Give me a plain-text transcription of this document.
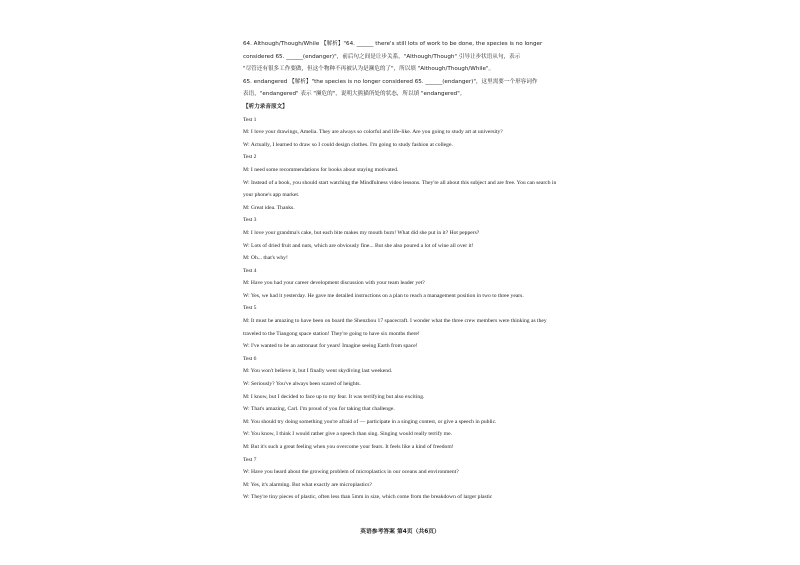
64. Although/Though/While 【解析】"64. ______ there's still lots of work to be done, the species is no longer
considered 65. ______(endanger)"，前后句之间是让步关系，"Although/Though" 引导让步状语从句，表示
"尽管还有很多工作要做，但这个物种不再被认为是濒危的了"，所以填 "Although/Though/While"。
65. endangered 【解析】"the species is no longer considered 65. ______(endanger)"，这里需要一个形容词作
表语，"endangered" 表示 "濒危的"，说明大熊猫所处的状态，所以填 "endangered"。
【听力录音原文】
Test 1
M: I love your drawings, Amelia. They are always so colorful and life-like. Are you going to study art at university?
W: Actually, I learned to draw so I could design clothes. I'm going to study fashion at college.
Test 2
M: I need some recommendations for books about staying motivated.
W: Instead of a book, you should start watching the Mindfulness video lessons. They're all about this subject and are free. You can search in your phone's app market.
M: Great idea. Thanks.
Test 3
M: I love your grandma's cake, but each bite makes my mouth burn! What did she put in it? Hot peppers?
W: Lots of dried fruit and nuts, which are obviously fine... But she also poured a lot of wine all over it!
M: Oh... that's why!
Test 4
M: Have you had your career development discussion with your team leader yet?
W: Yes, we had it yesterday. He gave me detailed instructions on a plan to reach a management position in two to three years.
Test 5
M: It must be amazing to have been on board the Shenzhou 17 spacecraft. I wonder what the three crew members were thinking as they traveled to the Tiangong space station! They're going to have six months there!
W: I've wanted to be an astronaut for years! Imagine seeing Earth from space!
Test 6
M: You won't believe it, but I finally went skydiving last weekend.
W: Seriously? You've always been scared of heights.
M: I know, but I decided to face up to my fear. It was terrifying but also exciting.
W: That's amazing, Carl. I'm proud of you for taking that challenge.
M: You should try doing something you're afraid of — participate in a singing contest, or give a speech in public.
W: You know, I think I would rather give a speech than sing. Singing would really terrify me.
M: But it's such a great feeling when you overcome your fears. It feels like a kind of freedom!
Test 7
W: Have you heard about the growing problem of microplastics in our oceans and environment?
M: Yes, it's alarming. But what exactly are microplastics?
W: They're tiny pieces of plastic, often less than 5mm in size, which come from the breakdown of larger plastic
英语参考答案 第4页（共6页）
